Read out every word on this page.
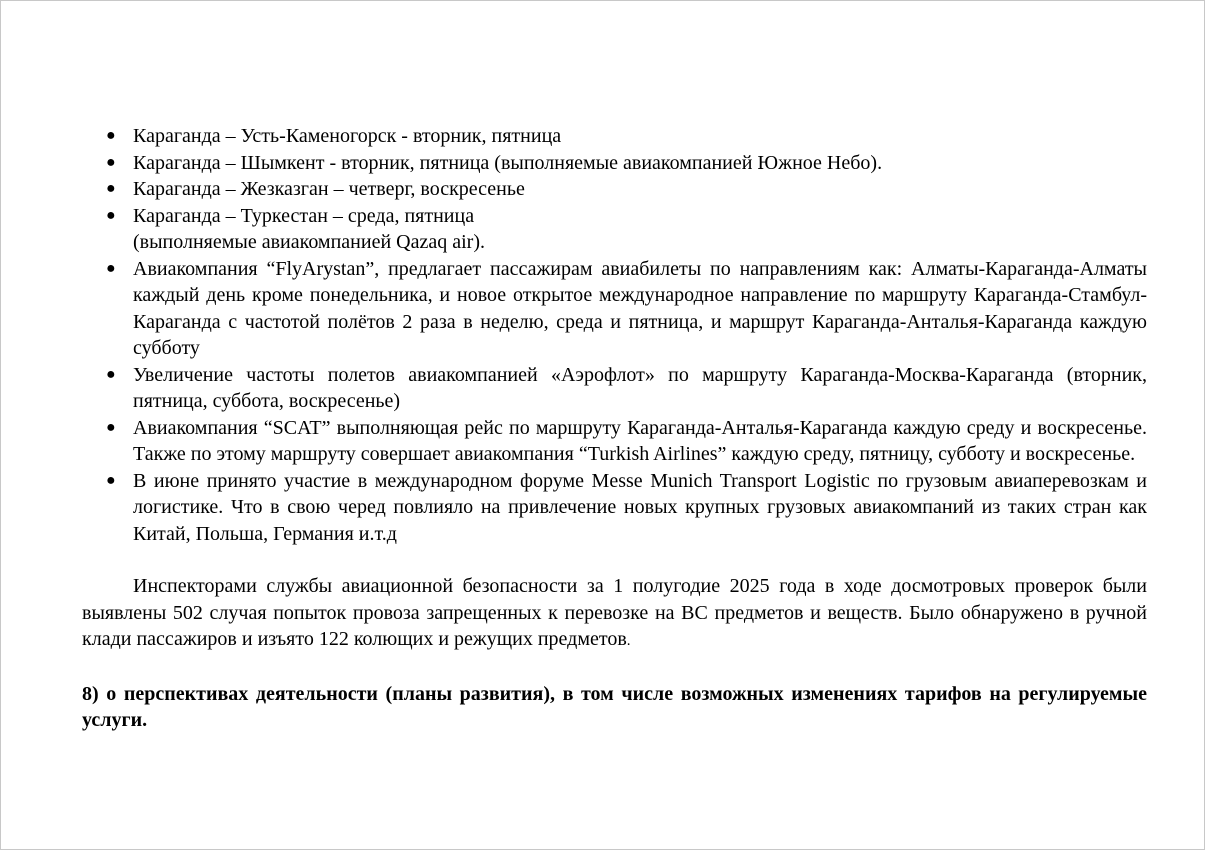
● Караганда – Усть-Каменогорск - вторник, пятница
● Караганда – Шымкент - вторник, пятница (выполняемые авиакомпанией Южное Небо).
● Караганда – Жезказган – четверг, воскресенье
● Караганда – Туркестан – среда, пятница
(выполняемые авиакомпанией Qazaq air).
● Авиакомпания “FlyArystan”, предлагает пассажирам авиабилеты по направлениям как: Алматы-Караганда-Алматы каждый день кроме понедельника, и новое открытое международное направление по маршруту Караганда-Стамбул-Караганда с частотой полётов 2 раза в неделю, среда и пятница, и маршрут Караганда-Анталья-Караганда каждую субботу
● Увеличение частоты полетов авиакомпанией «Аэрофлот» по маршруту Караганда-Москва-Караганда (вторник, пятница, суббота, воскресенье)
● Авиакомпания “SCAT” выполняющая рейс по маршруту Караганда-Анталья-Караганда каждую среду и воскресенье. Также по этому маршруту совершает авиакомпания “Turkish Airlines” каждую среду, пятницу, субботу и воскресенье.
● В июне принято участие в международном форуме Messe Munich Transport Logistic по грузовым авиаперевозкам и логистике. Что в свою черед повлияло на привлечение новых крупных грузовых авиакомпаний из таких стран как Китай, Польша, Германия и.т.д

Инспекторами службы авиационной безопасности за 1 полугодие 2025 года в ходе досмотровых проверок были выявлены 502 случая попыток провоза запрещенных к перевозке на ВС предметов и веществ. Было обнаружено в ручной клади пассажиров и изъято 122 колющих и режущих предметов.

8) о перспективах деятельности (планы развития), в том числе возможных изменениях тарифов на регулируемые услуги.
